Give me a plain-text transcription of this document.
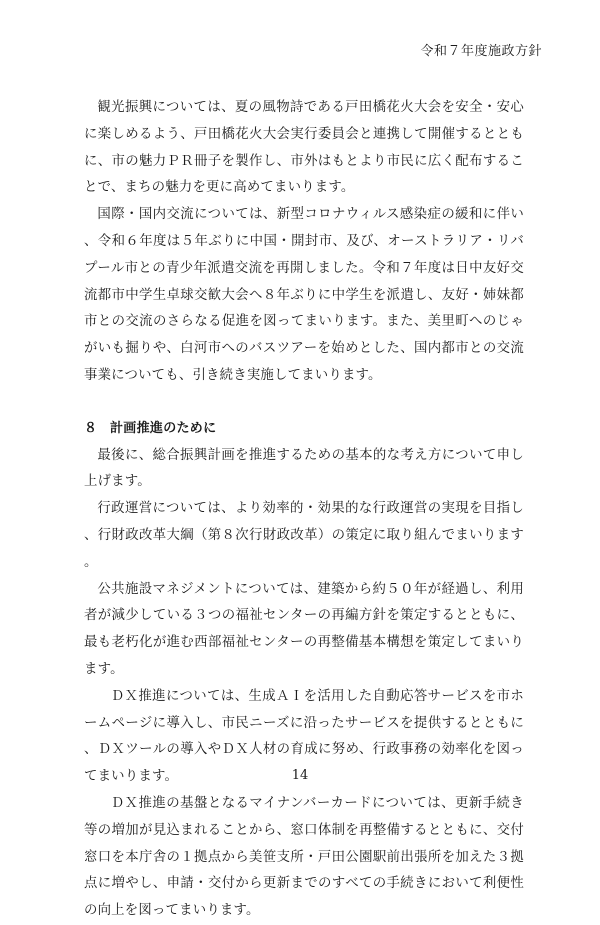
令和７年度施政方針

観光振興については、夏の風物詩である戸田橋花火大会を安全・安心に楽しめるよう、戸田橋花火大会実行委員会と連携して開催するとともに、市の魅力ＰＲ冊子を製作し、市外はもとより市民に広く配布することで、まちの魅力を更に高めてまいります。

国際・国内交流については、新型コロナウィルス感染症の緩和に伴い、令和６年度は５年ぶりに中国・開封市、及び、オーストラリア・リバプール市との青少年派遣交流を再開しました。令和７年度は日中友好交流都市中学生卓球交歓大会へ８年ぶりに中学生を派遣し、友好・姉妹都市との交流のさらなる促進を図ってまいります。また、美里町へのじゃがいも掘りや、白河市へのバスツアーを始めとした、国内都市との交流事業についても、引き続き実施してまいります。

８ 計画推進のために

最後に、総合振興計画を推進するための基本的な考え方について申し上げます。

行政運営については、より効率的・効果的な行政運営の実現を目指し、行財政改革大綱（第８次行財政改革）の策定に取り組んでまいります。

公共施設マネジメントについては、建築から約５０年が経過し、利用者が減少している３つの福祉センターの再編方針を策定するとともに、最も老朽化が進む西部福祉センターの再整備基本構想を策定してまいります。

ＤＸ推進については、生成ＡＩを活用した自動応答サービスを市ホームページに導入し、市民ニーズに沿ったサービスを提供するとともに、ＤＸツールの導入やＤＸ人材の育成に努め、行政事務の効率化を図ってまいります。

ＤＸ推進の基盤となるマイナンバーカードについては、更新手続き等の増加が見込まれることから、窓口体制を再整備するとともに、交付窓口を本庁舎の１拠点から美笹支所・戸田公園駅前出張所を加えた３拠点に増やし、申請・交付から更新までのすべての手続きにおいて利便性の向上を図ってまいります。

14
